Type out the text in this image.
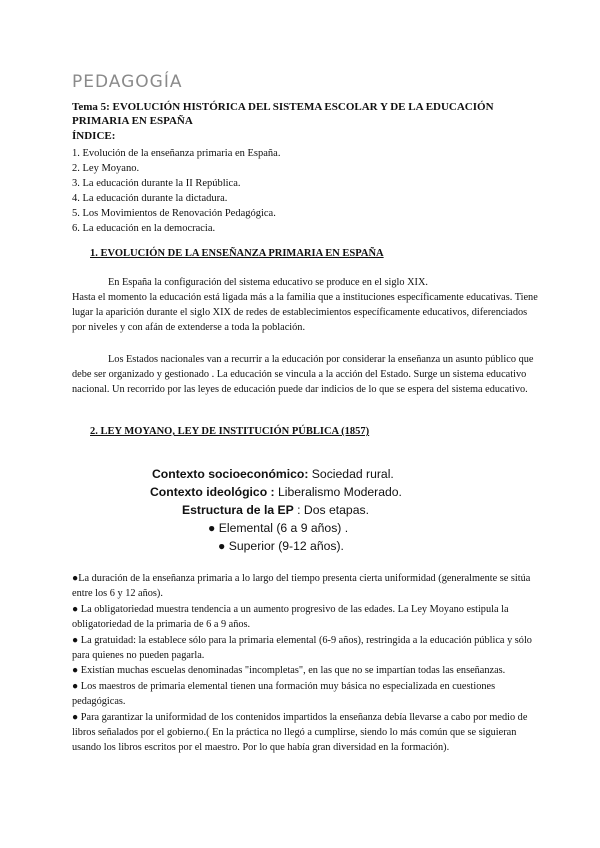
PEDAGOGÍA
Tema 5: EVOLUCIÓN HISTÓRICA DEL SISTEMA ESCOLAR Y DE LA EDUCACIÓN PRIMARIA EN ESPAÑA
ÍNDICE:
1. Evolución de la enseñanza primaria en España.
2. Ley Moyano.
3. La educación durante la II República.
4. La educación durante la dictadura.
5. Los Movimientos de Renovación Pedagógica.
6. La educación en la democracia.
1. EVOLUCIÓN DE LA ENSEÑANZA PRIMARIA EN ESPAÑA

En España la configuración del sistema educativo se produce en el siglo XIX.
Hasta el momento la educación está ligada más a la familia que a instituciones específicamente educativas. Tiene lugar la aparición durante el siglo XIX de redes de establecimientos específicamente educativos, diferenciados por niveles y con afán de extenderse a toda la población.

Los Estados nacionales van a recurrir a la educación por considerar la enseñanza un asunto público que debe ser organizado y gestionado . La educación se vincula a la acción del Estado. Surge un sistema educativo nacional. Un recorrido por las leyes de educación puede dar indicios de lo que se espera del sistema educativo.

2. LEY MOYANO, LEY DE INSTITUCIÓN PÚBLICA (1857)
Contexto socioeconómico: Sociedad rural.
Contexto ideológico : Liberalismo Moderado.
Estructura de la EP : Dos etapas.
● Elemental (6 a 9 años) .
● Superior (9-12 años).

●La duración de la enseñanza primaria a lo largo del tiempo presenta cierta uniformidad (generalmente se sitúa entre los 6 y 12 años).

● La obligatoriedad muestra tendencia a un aumento progresivo de las edades. La Ley Moyano estipula la obligatoriedad de la primaria de 6 a 9 años.

● La gratuidad: la establece sólo para la primaria elemental (6-9 años), restringida a la educación pública y sólo para quienes no pueden pagarla.

● Existían muchas escuelas denominadas "incompletas", en las que no se impartían todas las enseñanzas.

● Los maestros de primaria elemental tienen una formación muy básica no especializada en cuestiones pedagógicas.

● Para garantizar la uniformidad de los contenidos impartidos la enseñanza debía llevarse a cabo por medio de libros señalados por el gobierno.( En la práctica no llegó a cumplirse, siendo lo más común que se siguieran usando los libros escritos por el maestro. Por lo que había gran diversidad en la formación).
